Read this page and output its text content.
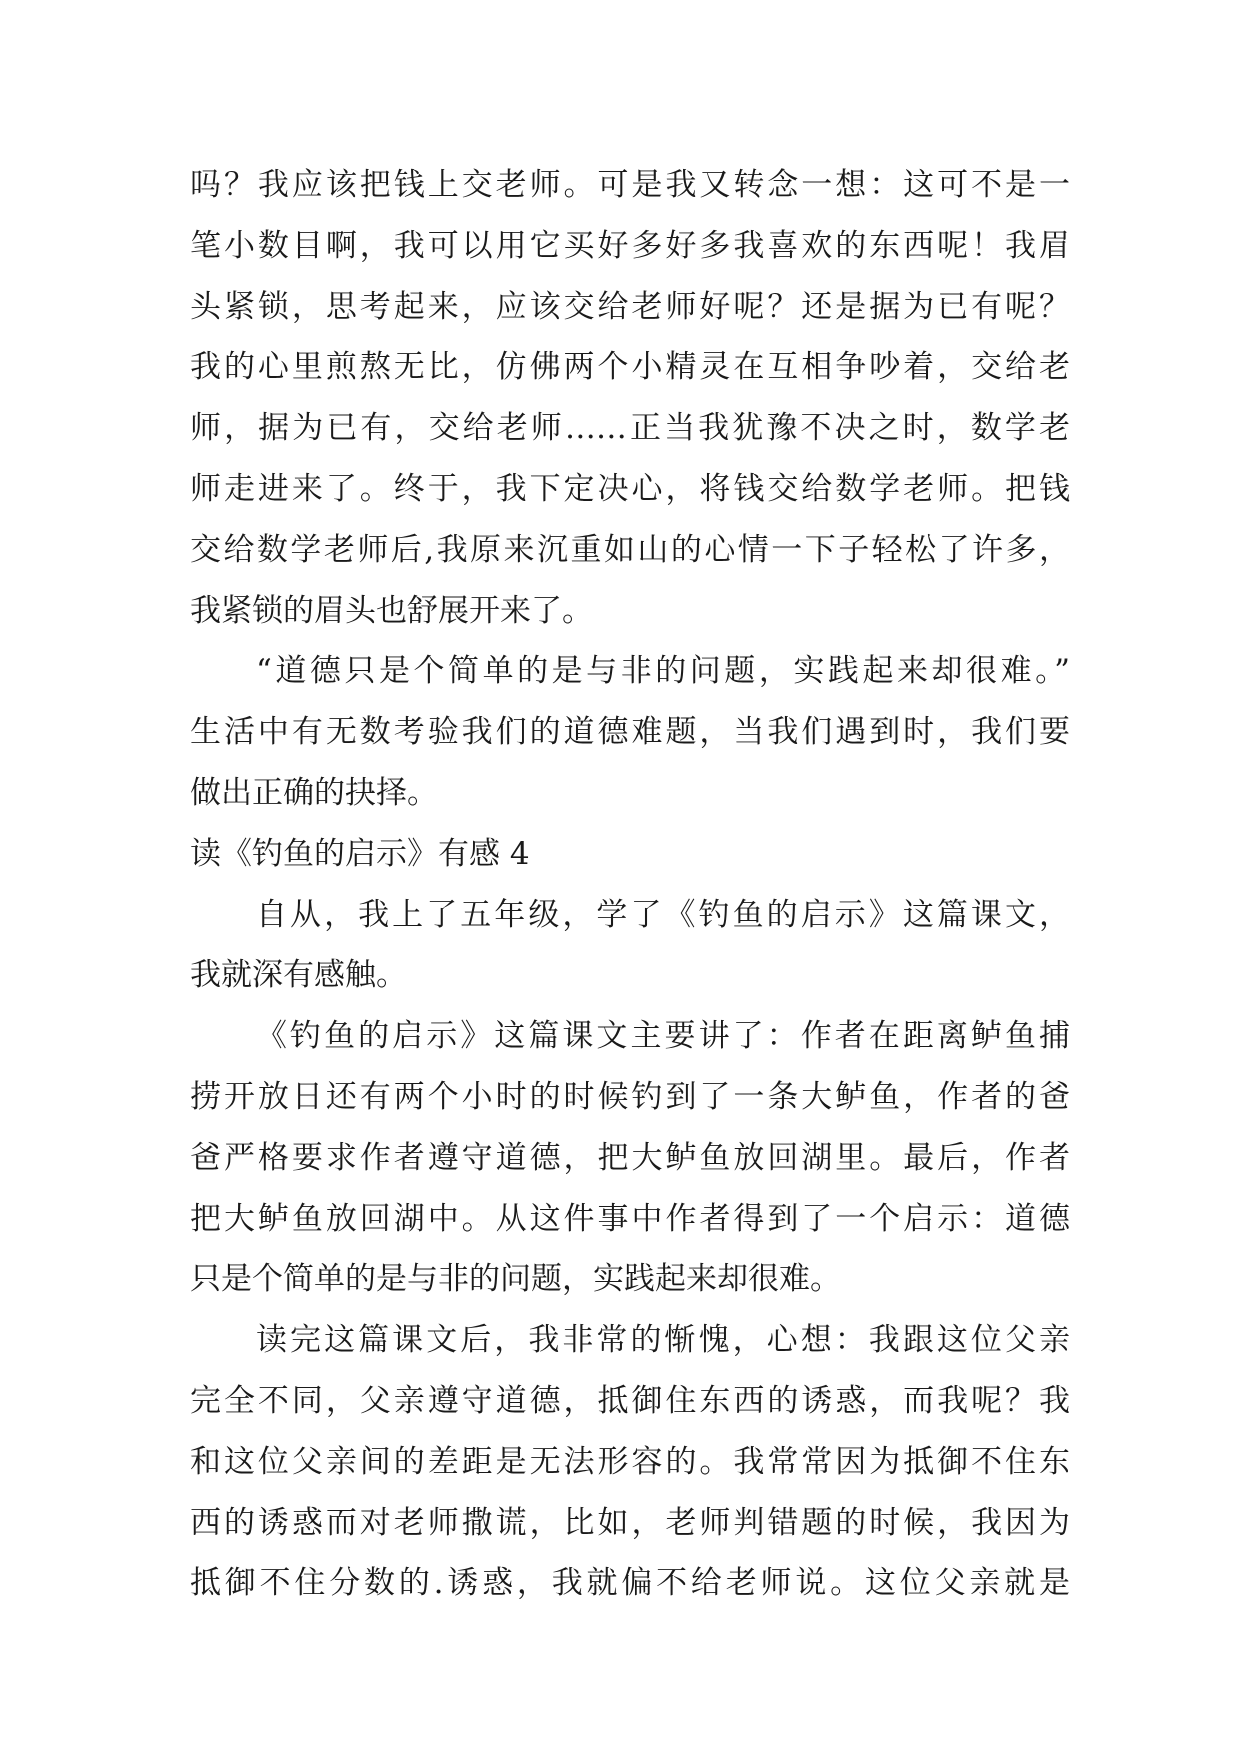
吗？我应该把钱上交老师。可是我又转念一想：这可不是一
笔小数目啊，我可以用它买好多好多我喜欢的东西呢！我眉
头紧锁，思考起来，应该交给老师好呢？还是据为已有呢？
我的心里煎熬无比，仿佛两个小精灵在互相争吵着，交给老
师，据为已有，交给老师……正当我犹豫不决之时，数学老
师走进来了。终于，我下定决心，将钱交给数学老师。把钱
交给数学老师后,我原来沉重如山的心情一下子轻松了许多，
我紧锁的眉头也舒展开来了。
“道德只是个简单的是与非的问题，实践起来却很难。”
生活中有无数考验我们的道德难题，当我们遇到时，我们要
做出正确的抉择。
读《钓鱼的启示》有感 4
自从，我上了五年级，学了《钓鱼的启示》这篇课文，
我就深有感触。
《钓鱼的启示》这篇课文主要讲了：作者在距离鲈鱼捕
捞开放日还有两个小时的时候钓到了一条大鲈鱼，作者的爸
爸严格要求作者遵守道德，把大鲈鱼放回湖里。最后，作者
把大鲈鱼放回湖中。从这件事中作者得到了一个启示：道德
只是个简单的是与非的问题，实践起来却很难。
读完这篇课文后，我非常的惭愧，心想：我跟这位父亲
完全不同，父亲遵守道德，抵御住东西的诱惑，而我呢？我
和这位父亲间的差距是无法形容的。我常常因为抵御不住东
西的诱惑而对老师撒谎，比如，老师判错题的时候，我因为
抵御不住分数的.诱惑，我就偏不给老师说。这位父亲就是
